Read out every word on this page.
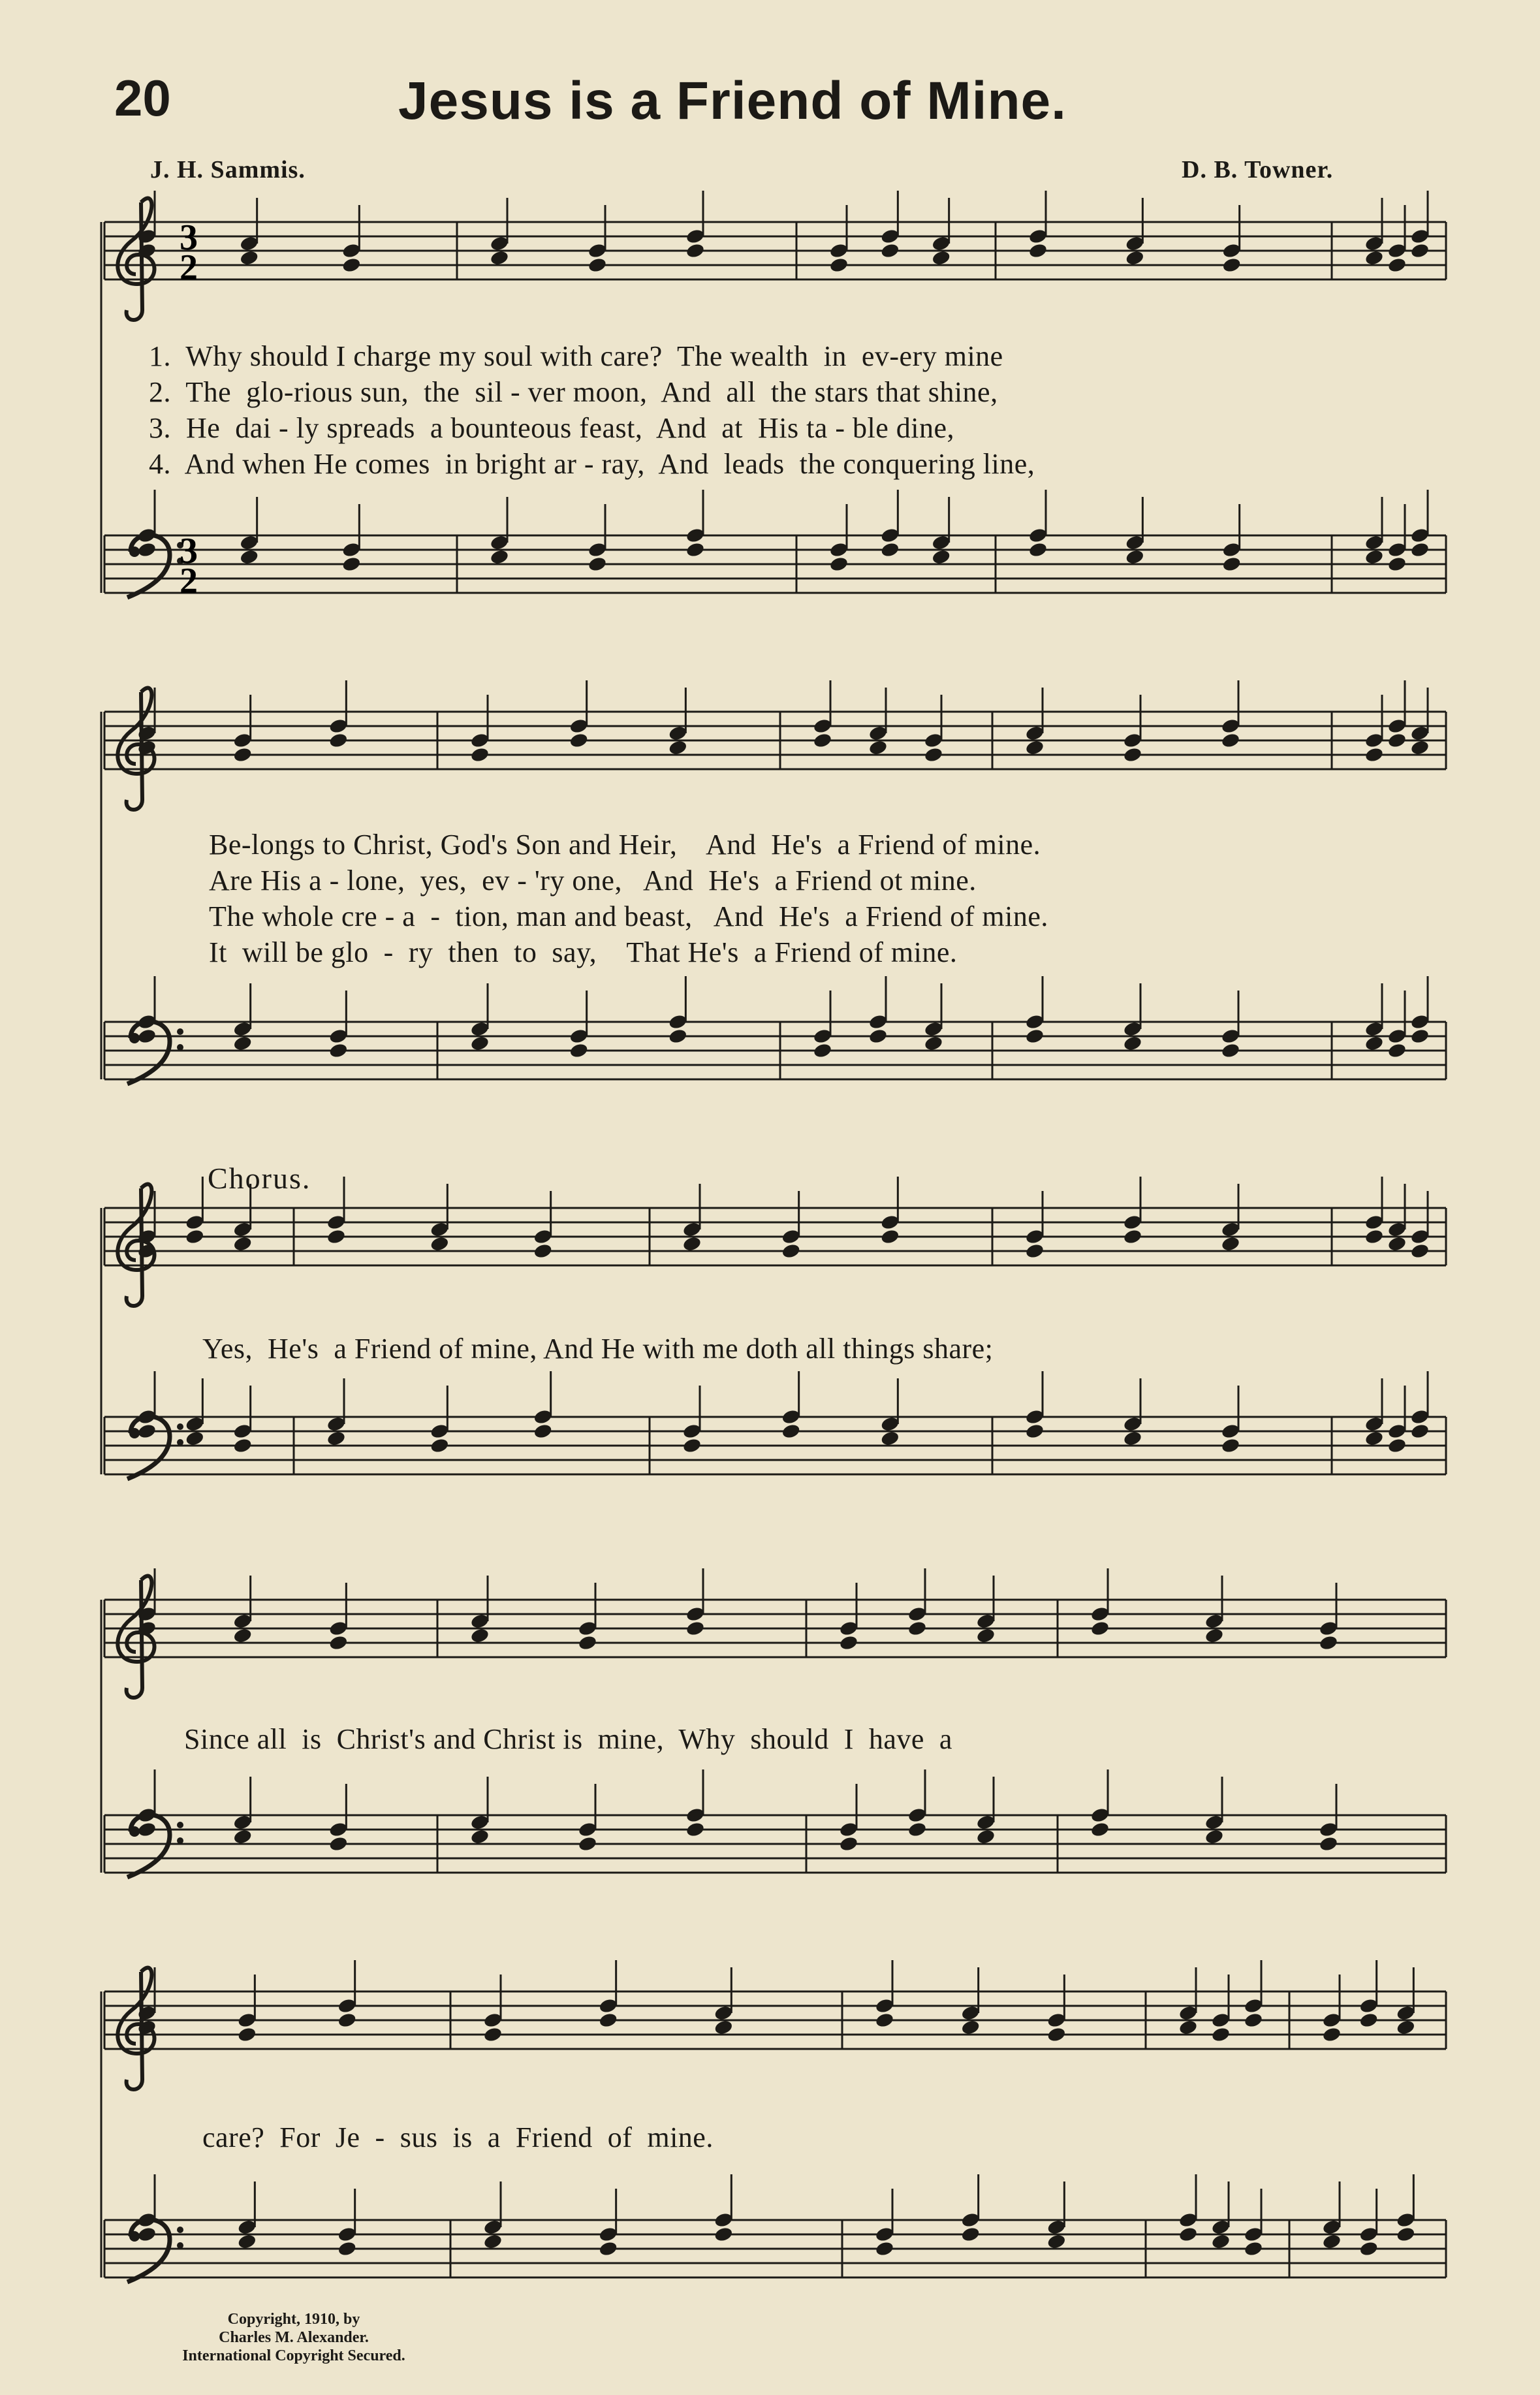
20	Jesus is a Friend of Mine.
J. H. Sammis.	D. B. Towner.
3
2
3
2
1.  Why should I charge my soul with care?  The wealth  in  ev-ery mine
2.  The  glo-rious sun,  the  sil - ver moon,  And  all  the stars that shine,
3.  He  dai - ly spreads  a bounteous feast,  And  at  His ta - ble dine,
4.  And when He comes  in bright ar - ray,  And  leads  the conquering line,
Be-longs to Christ, God's Son and Heir,    And  He's  a Friend of mine.
Are His a - lone,  yes,  ev - 'ry one,   And  He's  a Friend ot mine.
The whole cre - a  -  tion, man and beast,   And  He's  a Friend of mine.
It  will be glo  -  ry  then  to  say,    That He's  a Friend of mine.
Chorus.
Yes,  He's  a Friend of mine, And He with me doth all things share;
Since all  is  Christ's and Christ is  mine,  Why  should  I  have  a
care?  For  Je  -  sus  is  a  Friend  of  mine.
Copyright, 1910, by
Charles M. Alexander.
International Copyright Secured.
